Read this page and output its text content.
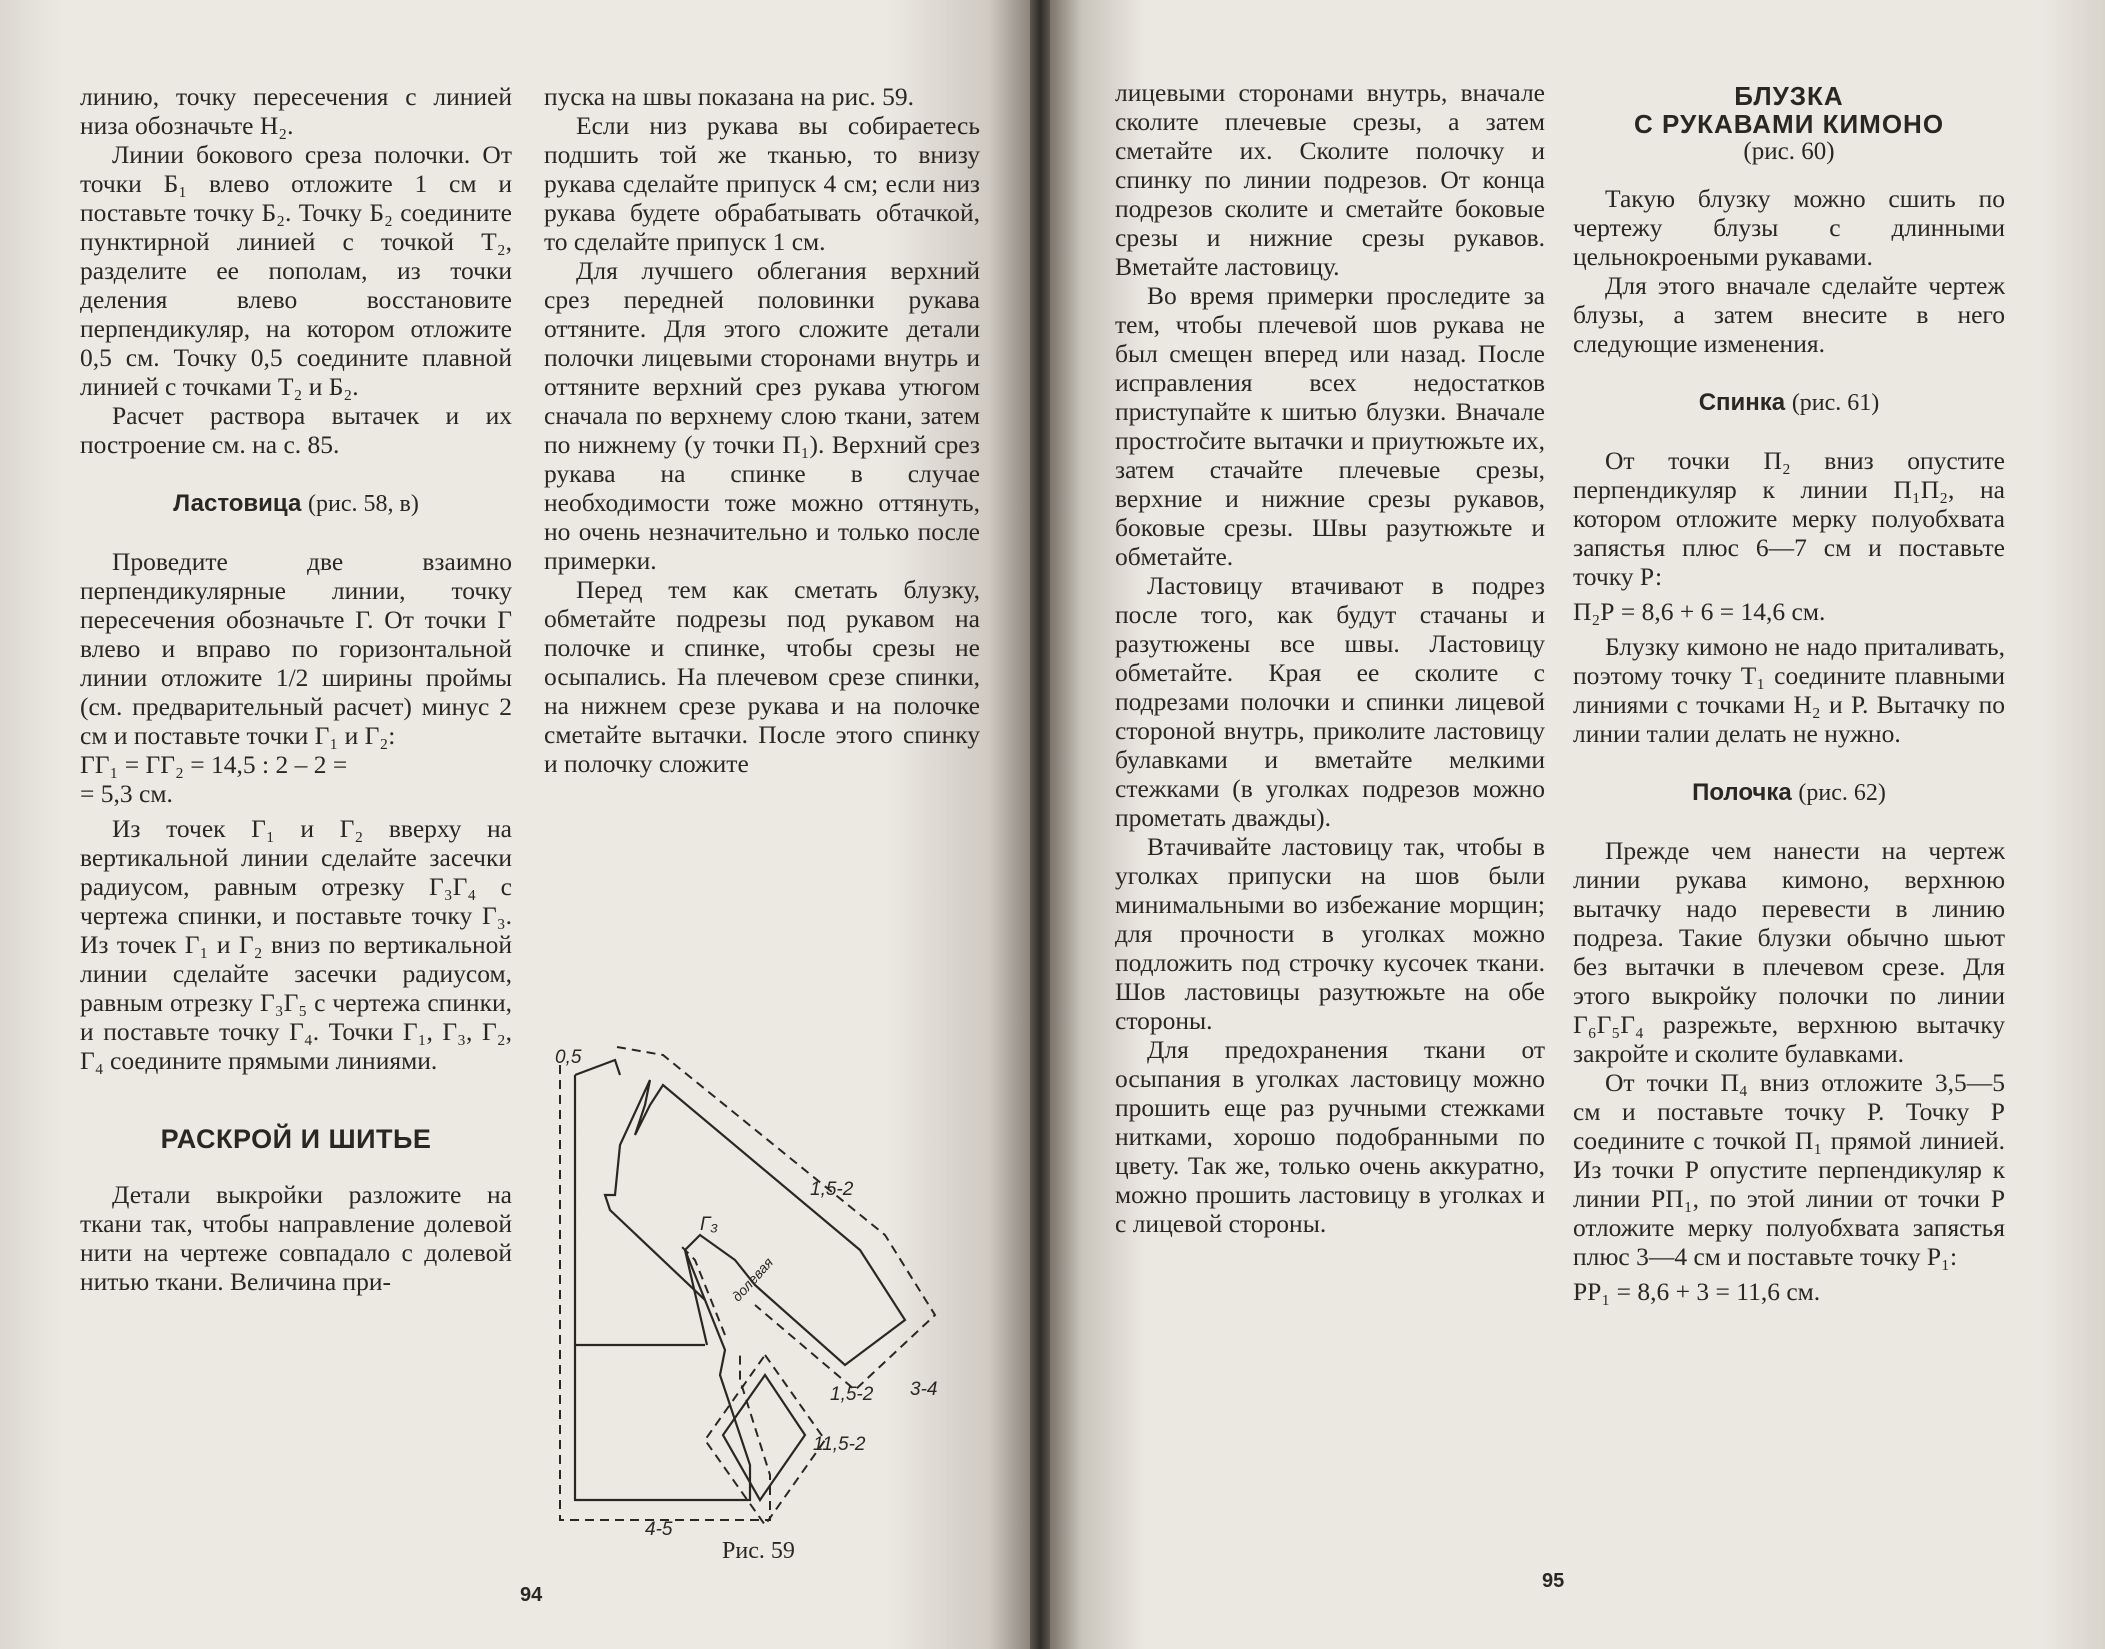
линию, точку пересечения с линией низа обозначьте Н₂.

Линии бокового среза полочки. От точки Б₁ влево отложите 1 см и поставьте точку Б₂. Точку Б₂ соедините пунктирной линией с точкой Т₂, разделите ее пополам, из точки деления влево восстановите перпендикуляр, на котором отложите 0,5 см. Точку 0,5 соедините плавной линией с точками Т₂ и Б₂.

Расчет раствора вытачек и их построение см. на с. 85.

Ластовица (рис. 58, в)

Проведите две взаимно перпендикулярные линии, точку пересечения обозначьте Г. От точки Г влево и вправо по горизонтальной линии отложите 1/2 ширины проймы (см. предварительный расчет) минус 2 см и поставьте точки Г₁ и Г₂:

ГГ₁ = ГГ₂ = 14,5 : 2 – 2 =

= 5,3 см.

Из точек Г₁ и Г₂ вверху на вертикальной линии сделайте засечки радиусом, равным отрезку Г₃Г₄ с чертежа спинки, и поставьте точку Г₃. Из точек Г₁ и Г₂ вниз по вертикальной линии сделайте засечки радиусом, равным отрезку Г₃Г₅ с чертежа спинки, и поставьте точку Г₄. Точки Г₁, Г₃, Г₂, Г₄ соедините прямыми линиями.

РАСКРОЙ И ШИТЬЕ

Детали выкройки разложите на ткани так, чтобы направление долевой нити на чертеже совпадало с долевой нитью ткани. Величина при-

пуска на швы показана на рис. 59.

Если низ рукава вы собираетесь подшить той же тканью, то внизу рукава сделайте припуск 4 см; если низ рукава будете обрабатывать обтачкой, то сделайте припуск 1 см.

Для лучшего облегания верхний срез передней половинки рукава оттяните. Для этого сложите детали полочки лицевыми сторонами внутрь и оттяните верхний срез рукава утюгом сначала по верхнему слою ткани, затем по нижнему (у точки П₁). Верхний срез рукава на спинке в случае необходимости тоже можно оттянуть, но очень незначительно и только после примерки.

Перед тем как сметать блузку, обметайте подрезы под рукавом на полочке и спинке, чтобы срезы не осыпались. На плечевом срезе спинки, на нижнем срезе рукава и на полочке сметайте вытачки. После этого спинку и полочку сложите

0,5
1,5-2
Г₃
1,5-2 3-4
11,5-2
4-5
долевая
Рис. 59
94

лицевыми сторонами внутрь, вначале сколите плечевые срезы, а затем сметайте их. Сколите полочку и спинку по линии подрезов. От конца подрезов сколите и сметайте боковые срезы и нижние срезы рукавов. Вметайте ластовицу.

Во время примерки проследите за тем, чтобы плечевой шов рукава не был смещен вперед или назад. После исправления всех недостатков приступайте к шитью блузки. Вначале простročите вытачки и приутюжьте их, затем стачайте плечевые срезы, верхние и нижние срезы рукавов, боковые срезы. Швы разутюжьте и обметайте.

Ластовицу втачивают в подрез после того, как будут стачаны и разутюжены все швы. Ластовицу обметайте. Края ее сколите с подрезами полочки и спинки лицевой стороной внутрь, приколите ластовицу булавками и вметайте мелкими стежками (в уголках подрезов можно прометать дважды).

Втачивайте ластовицу так, чтобы в уголках припуски на шов были минимальными во избежание морщин; для прочности в уголках можно подложить под строчку кусочек ткани. Шов ластовицы разутюжьте на обе стороны.

Для предохранения ткани от осыпания в уголках ластовицу можно прошить еще раз ручными стежками нитками, хорошо подобранными по цвету. Так же, только очень аккуратно, можно прошить ластовицу в уголках и с лицевой стороны.

БЛУЗКА
С РУКАВАМИ КИМОНО
(рис. 60)

Такую блузку можно сшить по чертежу блузы с длинными цельнокроеными рукавами.

Для этого вначале сделайте чертеж блузы, а затем внесите в него следующие изменения.

Спинка (рис. 61)

От точки П₂ вниз опустите перпендикуляр к линии П₁П₂, на котором отложите мерку полуобхвата запястья плюс 6—7 см и поставьте точку Р:

П₂Р = 8,6 + 6 = 14,6 см.

Блузку кимоно не надо приталивать, поэтому точку Т₁ соедините плавными линиями с точками Н₂ и Р. Вытачку по линии талии делать не нужно.

Полочка (рис. 62)

Прежде чем нанести на чертеж линии рукава кимоно, верхнюю вытачку надо перевести в линию подреза. Такие блузки обычно шьют без вытачки в плечевом срезе. Для этого выкройку полочки по линии Г₆Г₅Г₄ разрежьте, верхнюю вытачку закройте и сколите булавками.

От точки П₄ вниз отложите 3,5—5 см и поставьте точку Р. Точку Р соедините с точкой П₁ прямой линией. Из точки Р опустите перпендикуляр к линии РП₁, по этой линии от точки Р отложите мерку полуобхвата запястья плюс 3—4 см и поставьте точку Р₁:

РР₁ = 8,6 + 3 = 11,6 см.

95
